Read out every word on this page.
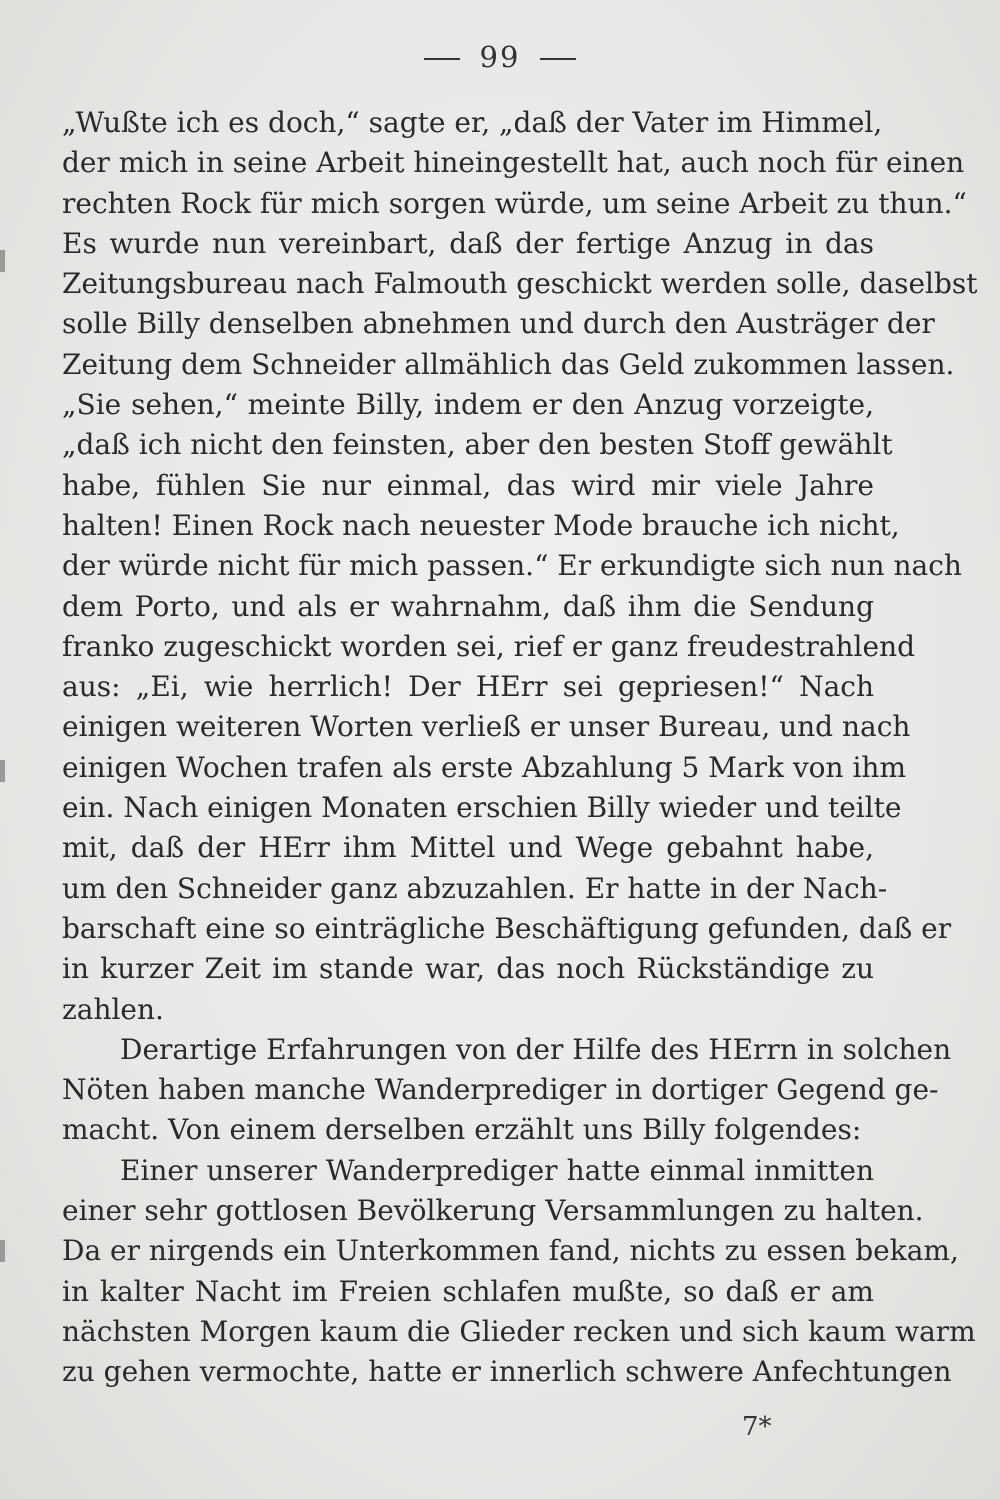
99
„Wußte ich es doch,“ sagte er, „daß der Vater im Himmel,
der mich in seine Arbeit hineingestellt hat, auch noch für einen
rechten Rock für mich sorgen würde, um seine Arbeit zu thun.“
Es wurde nun vereinbart, daß der fertige Anzug in das
Zeitungsbureau nach Falmouth geschickt werden solle, daselbst
solle Billy denselben abnehmen und durch den Austräger der
Zeitung dem Schneider allmählich das Geld zukommen lassen.
„Sie sehen,“ meinte Billy, indem er den Anzug vorzeigte,
„daß ich nicht den feinsten, aber den besten Stoff gewählt
habe, fühlen Sie nur einmal, das wird mir viele Jahre
halten! Einen Rock nach neuester Mode brauche ich nicht,
der würde nicht für mich passen.“ Er erkundigte sich nun nach
dem Porto, und als er wahrnahm, daß ihm die Sendung
franko zugeschickt worden sei, rief er ganz freudestrahlend
aus: „Ei, wie herrlich! Der HErr sei gepriesen!“ Nach
einigen weiteren Worten verließ er unser Bureau, und nach
einigen Wochen trafen als erste Abzahlung 5 Mark von ihm
ein. Nach einigen Monaten erschien Billy wieder und teilte
mit, daß der HErr ihm Mittel und Wege gebahnt habe,
um den Schneider ganz abzuzahlen. Er hatte in der Nach-
barschaft eine so einträgliche Beschäftigung gefunden, daß er
in kurzer Zeit im stande war, das noch Rückständige zu
zahlen.
Derartige Erfahrungen von der Hilfe des HErrn in solchen
Nöten haben manche Wanderprediger in dortiger Gegend ge-
macht. Von einem derselben erzählt uns Billy folgendes:
Einer unserer Wanderprediger hatte einmal inmitten
einer sehr gottlosen Bevölkerung Versammlungen zu halten.
Da er nirgends ein Unterkommen fand, nichts zu essen bekam,
in kalter Nacht im Freien schlafen mußte, so daß er am
nächsten Morgen kaum die Glieder recken und sich kaum warm
zu gehen vermochte, hatte er innerlich schwere Anfechtungen
7*
